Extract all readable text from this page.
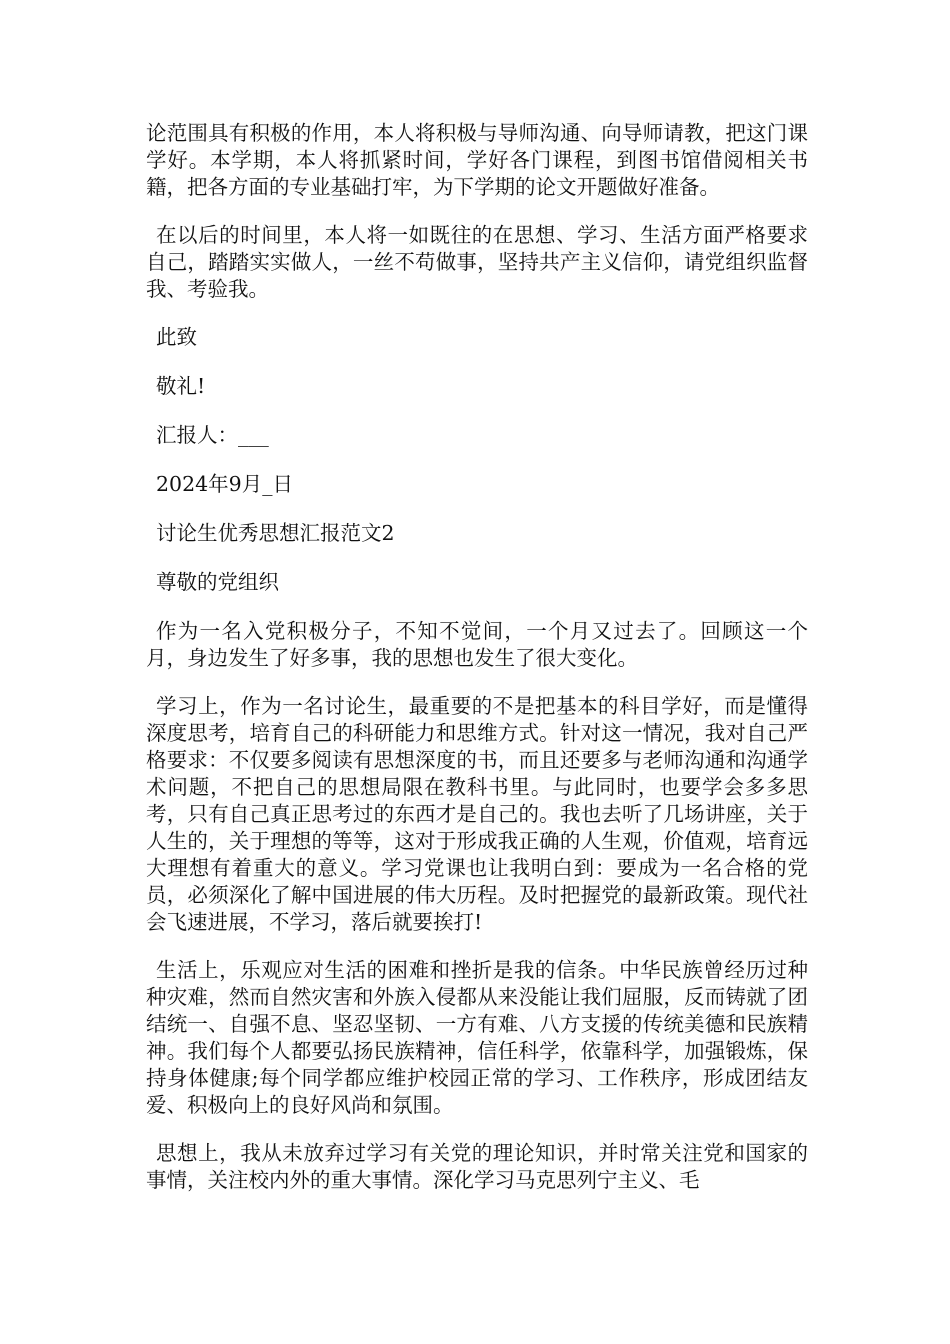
论范围具有积极的作用，本人将积极与导师沟通、向导师请教，把这门课学好。本学期，本人将抓紧时间，学好各门课程，到图书馆借阅相关书籍，把各方面的专业基础打牢，为下学期的论文开题做好准备。

在以后的时间里，本人将一如既往的在思想、学习、生活方面严格要求自己，踏踏实实做人，一丝不苟做事，坚持共产主义信仰，请党组织监督我、考验我。

此致

敬礼!

汇报人：___

2024年9月_日

讨论生优秀思想汇报范文2

尊敬的党组织

作为一名入党积极分子，不知不觉间，一个月又过去了。回顾这一个月，身边发生了好多事，我的思想也发生了很大变化。

学习上，作为一名讨论生，最重要的不是把基本的科目学好，而是懂得深度思考，培育自己的科研能力和思维方式。针对这一情况，我对自己严格要求：不仅要多阅读有思想深度的书，而且还要多与老师沟通和沟通学术问题，不把自己的思想局限在教科书里。与此同时，也要学会多多思考，只有自己真正思考过的东西才是自己的。我也去听了几场讲座，关于人生的，关于理想的等等，这对于形成我正确的人生观，价值观，培育远大理想有着重大的意义。学习党课也让我明白到：要成为一名合格的党员，必须深化了解中国进展的伟大历程。及时把握党的最新政策。现代社会飞速进展，不学习，落后就要挨打!

生活上，乐观应对生活的困难和挫折是我的信条。中华民族曾经历过种种灾难，然而自然灾害和外族入侵都从来没能让我们屈服，反而铸就了团结统一、自强不息、坚忍坚韧、一方有难、八方支援的传统美德和民族精神。我们每个人都要弘扬民族精神，信任科学，依靠科学，加强锻炼，保持身体健康;每个同学都应维护校园正常的学习、工作秩序，形成团结友爱、积极向上的良好风尚和氛围。

思想上，我从未放弃过学习有关党的理论知识，并时常关注党和国家的事情，关注校内外的重大事情。深化学习马克思列宁主义、毛
